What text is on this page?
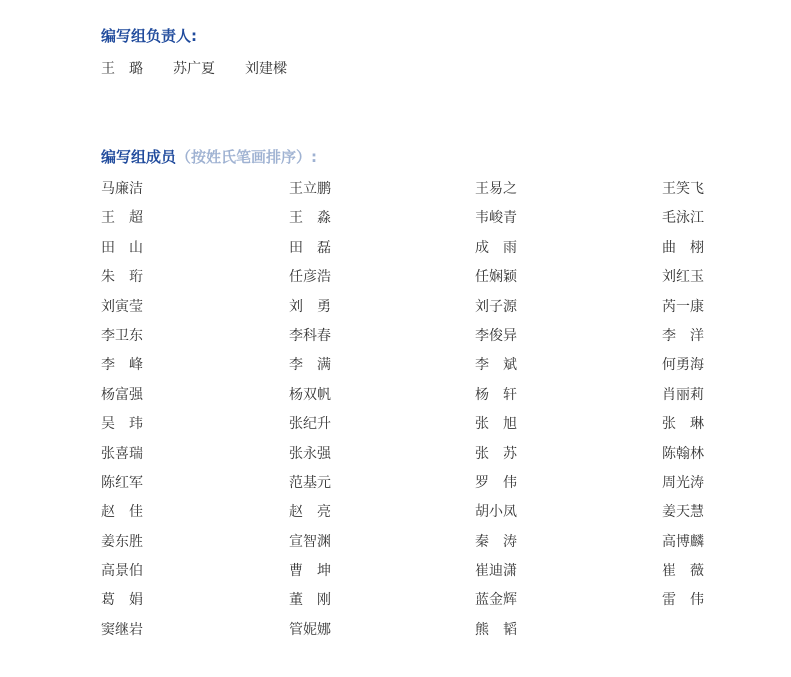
编写组负责人:
王　璐 苏广夏 刘建樑
编写组成员（按姓氏笔画排序）:
马廉洁	王立鹏	王易之	王笑飞
王　超	王　淼	韦峻青	毛泳江
田　山	田　磊	成　雨	曲　栩
朱　珩	任彦浩	任娴颖	刘红玉
刘寅莹	刘　勇	刘子源	芮一康
李卫东	李科春	李俊异	李　洋
李　峰	李　满	李　斌	何勇海
杨富强	杨双帆	杨　轩	肖丽莉
吴　玮	张纪升	张　旭	张　琳
张喜瑞	张永强	张　苏	陈翰林
陈红军	范基元	罗　伟	周光涛
赵　佳	赵　亮	胡小凤	姜天慧
姜东胜	宣智渊	秦　涛	高博麟
高景伯	曹　坤	崔迪潇	崔　薇
葛　娟	董　刚	蓝金辉	雷　伟
窦继岩	管妮娜	熊　韬
